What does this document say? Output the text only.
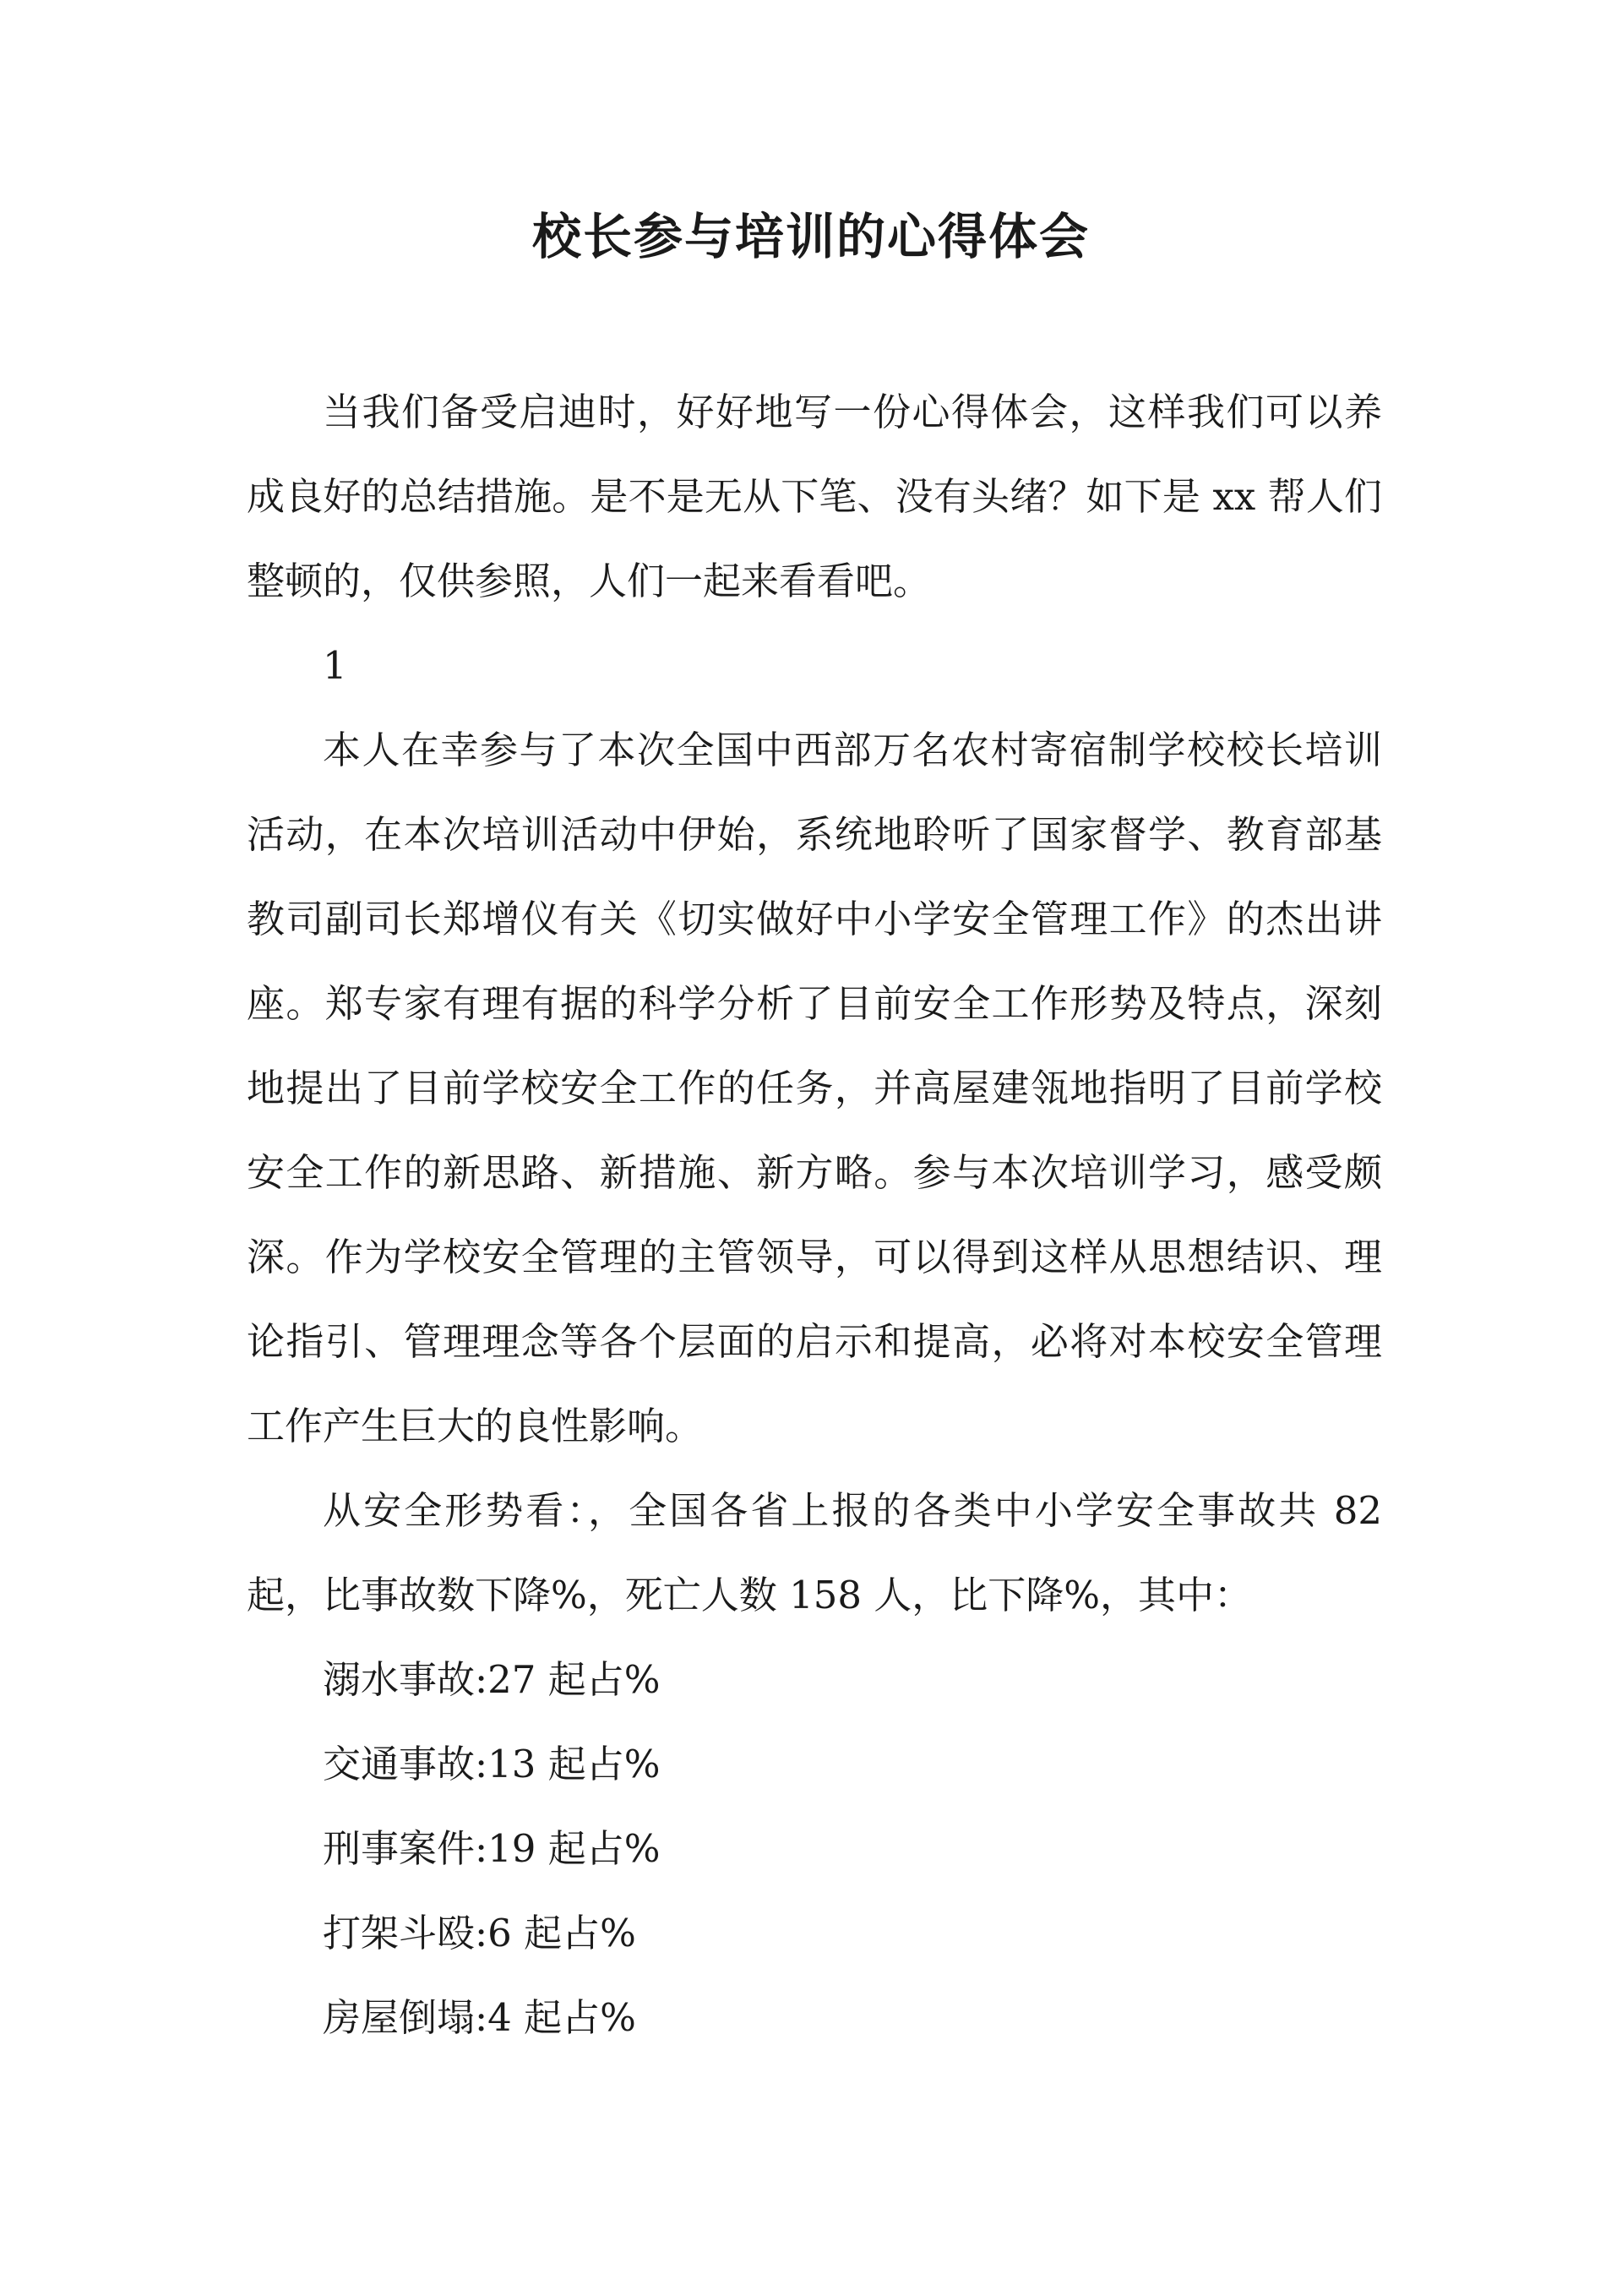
校长参与培训的心得体会

当我们备受启迪时，好好地写一份心得体会，这样我们可以养成良好的总结措施。是不是无从下笔、没有头绪？如下是 xx 帮人们整顿的，仅供参照，人们一起来看看吧。

1

本人在幸参与了本次全国中西部万名农村寄宿制学校校长培训活动，在本次培训活动中伊始，系统地聆听了国家督学、教育部基教司副司长郑增仪有关《切实做好中小学安全管理工作》的杰出讲座。郑专家有理有据的科学分析了目前安全工作形势及特点，深刻地提出了目前学校安全工作的任务，并高屋建瓴地指明了目前学校安全工作的新思路、新措施、新方略。参与本次培训学习，感受颇深。作为学校安全管理的主管领导，可以得到这样从思想结识、理论指引、管理理念等各个层面的启示和提高，必将对本校安全管理工作产生巨大的良性影响。

从安全形势看：，全国各省上报的各类中小学安全事故共 82 起，比事故数下降%，死亡人数 158 人，比下降%，其中：

溺水事故:27 起占%

交通事故:13 起占%

刑事案件:19 起占%

打架斗殴:6 起占%

房屋倒塌:4 起占%
